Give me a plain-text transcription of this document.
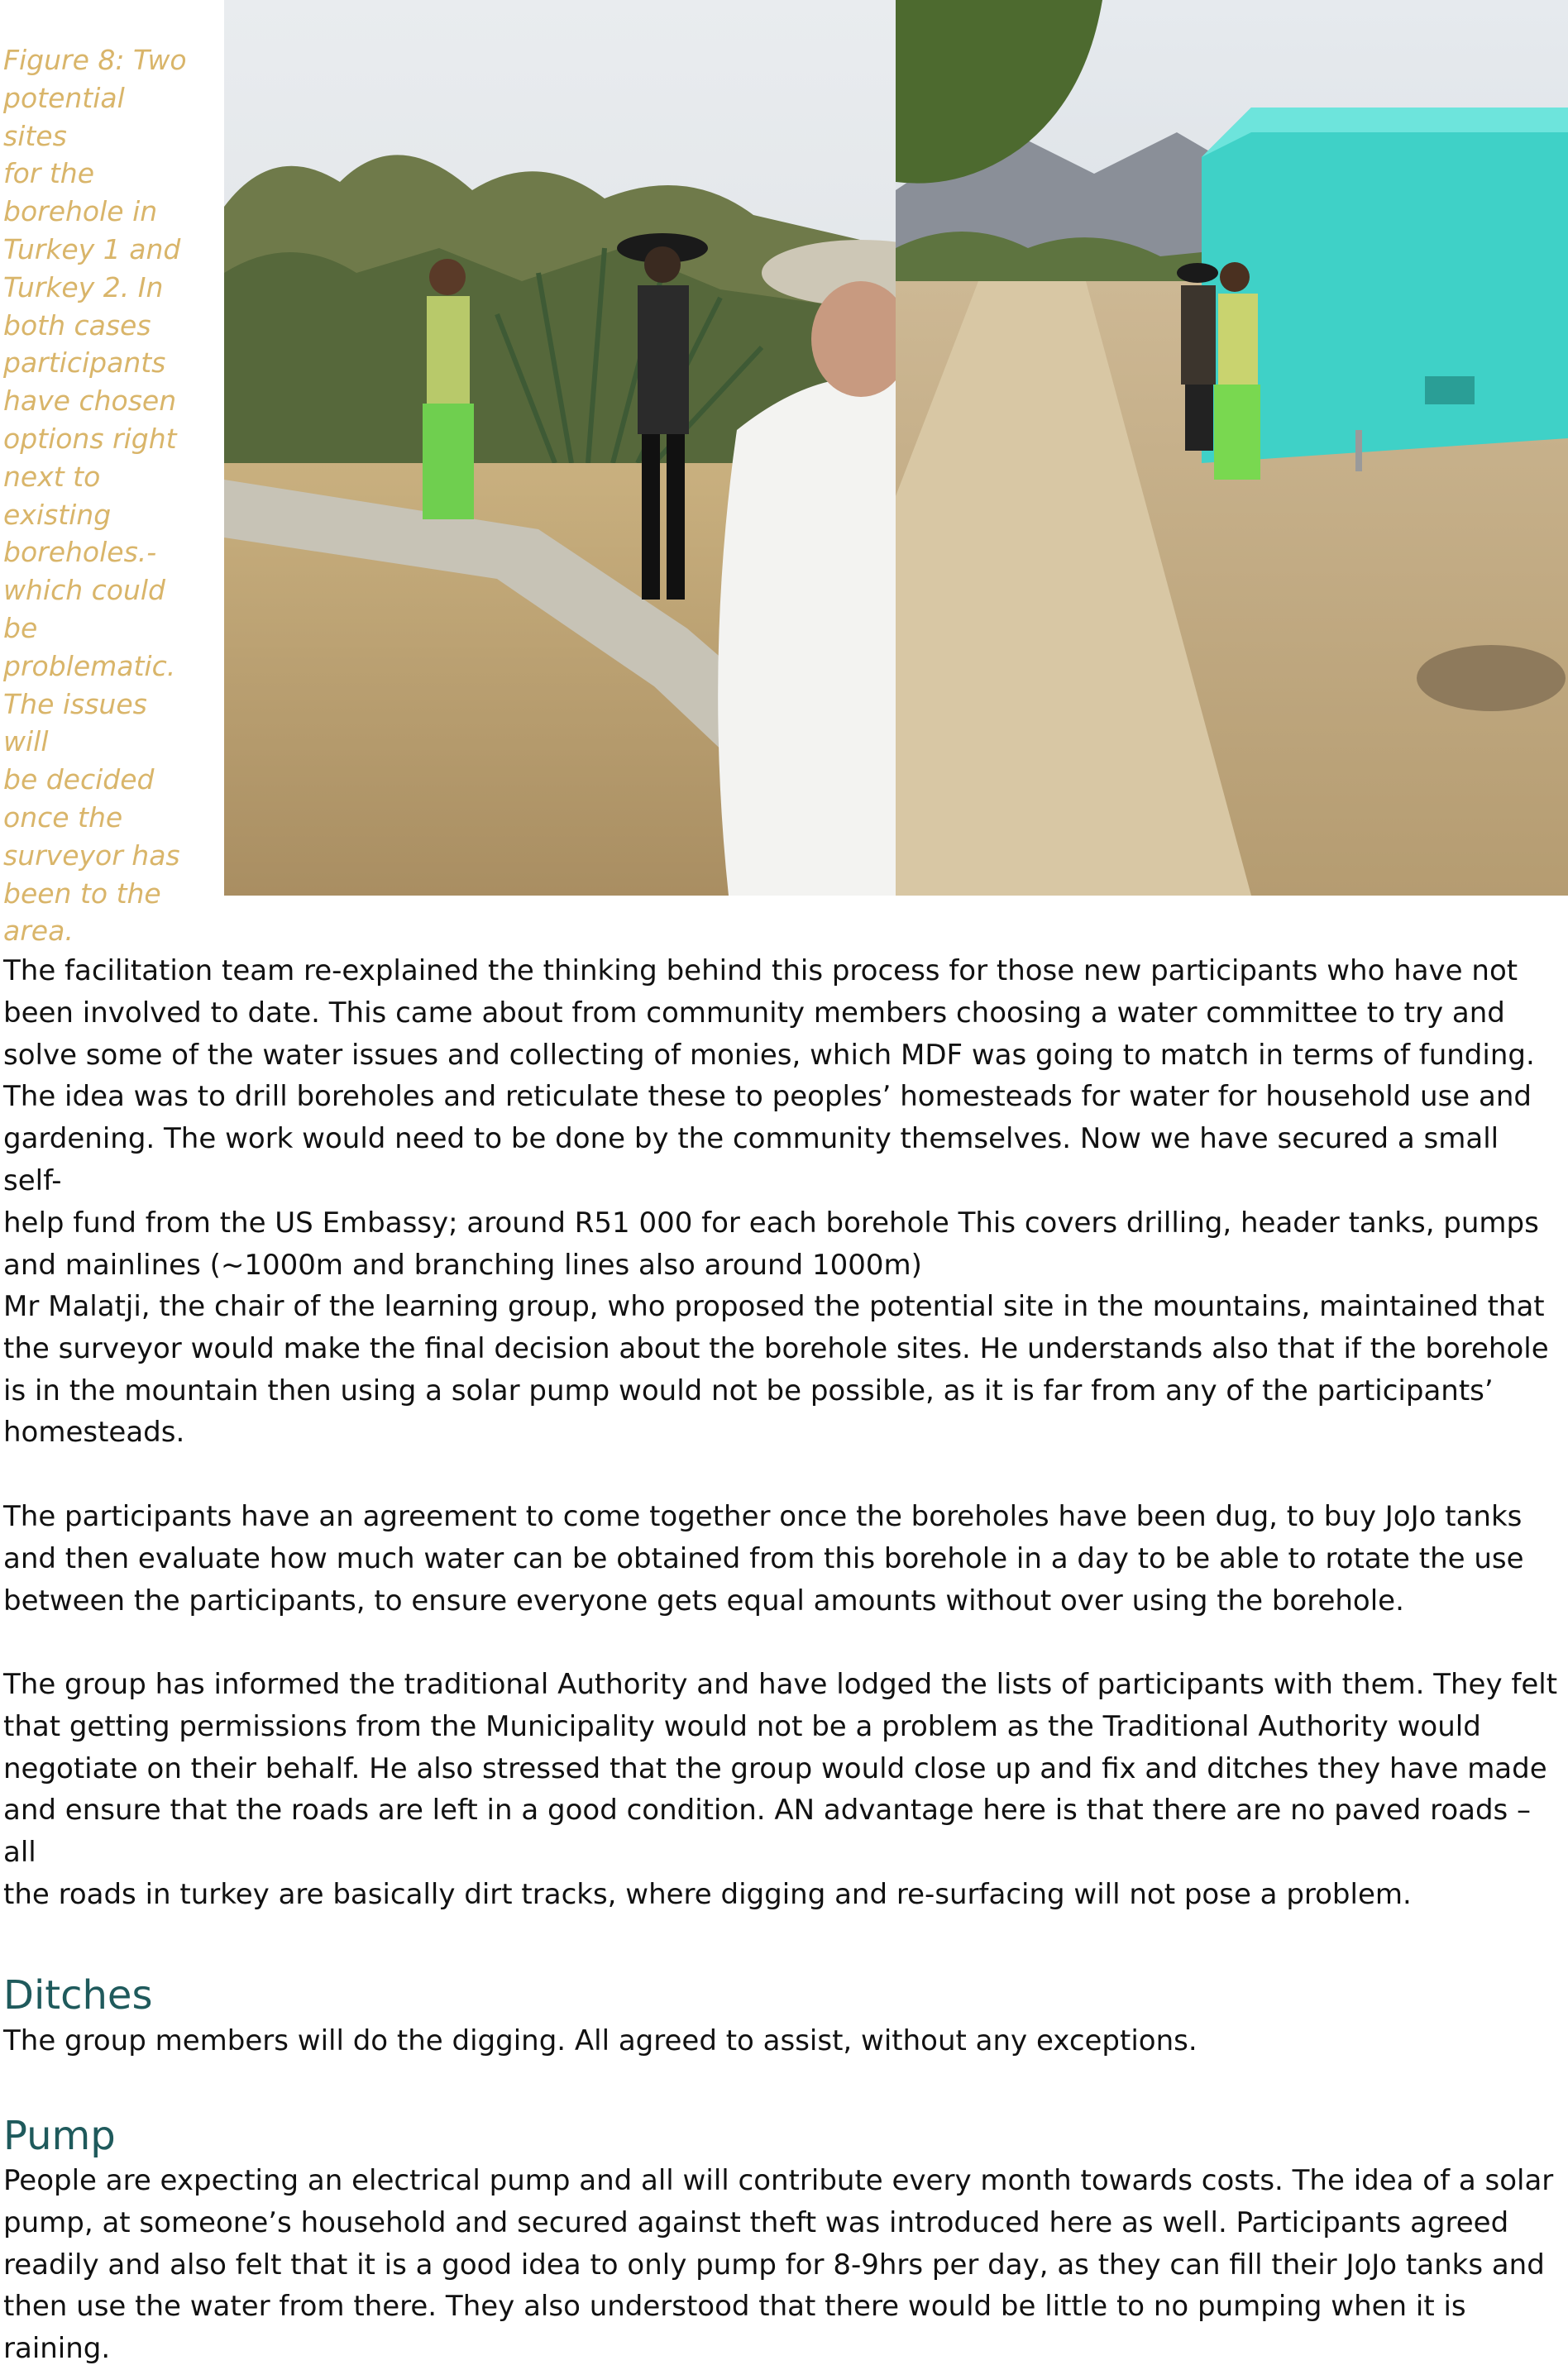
Figure 8: Two
potential sites
for the
borehole in
Turkey 1 and
Turkey 2. In
both cases
participants
have chosen
options right
next to
existing
boreholes.-
which could be
problematic.
The issues will
be decided
once the
surveyor has
been to the
area.

The facilitation team re-explained the thinking behind this process for those new participants who have not
been involved to date. This came about from community members choosing a water committee to try and
solve some of the water issues and collecting of monies, which MDF was going to match in terms of funding.
The idea was to drill boreholes and reticulate these to peoples’ homesteads for water for household use and
gardening. The work would need to be done by the community themselves. Now we have secured a small self-
help fund from the US Embassy; around R51 000 for each borehole This covers drilling, header tanks, pumps
and mainlines (~1000m and branching lines also around 1000m)

Mr Malatji, the chair of the learning group, who proposed the potential site in the mountains, maintained that
the surveyor would make the final decision about the borehole sites. He understands also that if the borehole
is in the mountain then using a solar pump would not be possible, as it is far from any of the participants’
homesteads.

The participants have an agreement to come together once the boreholes have been dug, to buy JoJo tanks
and then evaluate how much water can be obtained from this borehole in a day to be able to rotate the use
between the participants, to ensure everyone gets equal amounts without over using the borehole.

The group has informed the traditional Authority and have lodged the lists of participants with them. They felt
that getting permissions from the Municipality would not be a problem as the Traditional Authority would
negotiate on their behalf. He also stressed that the group would close up and fix and ditches they have made
and ensure that the roads are left in a good condition. AN advantage here is that there are no paved roads – all
the roads in turkey are basically dirt tracks, where digging and re-surfacing will not pose a problem.

Ditches

The group members will do the digging. All agreed to assist, without any exceptions.

Pump

People are expecting an electrical pump and all will contribute every month towards costs. The idea of a solar
pump, at someone’s household and secured against theft was introduced here as well. Participants agreed
readily and also felt that it is a good idea to only pump for 8-9hrs per day, as they can fill their JoJo tanks and
then use the water from there. They also understood that there would be little to no pumping when it is
raining.
